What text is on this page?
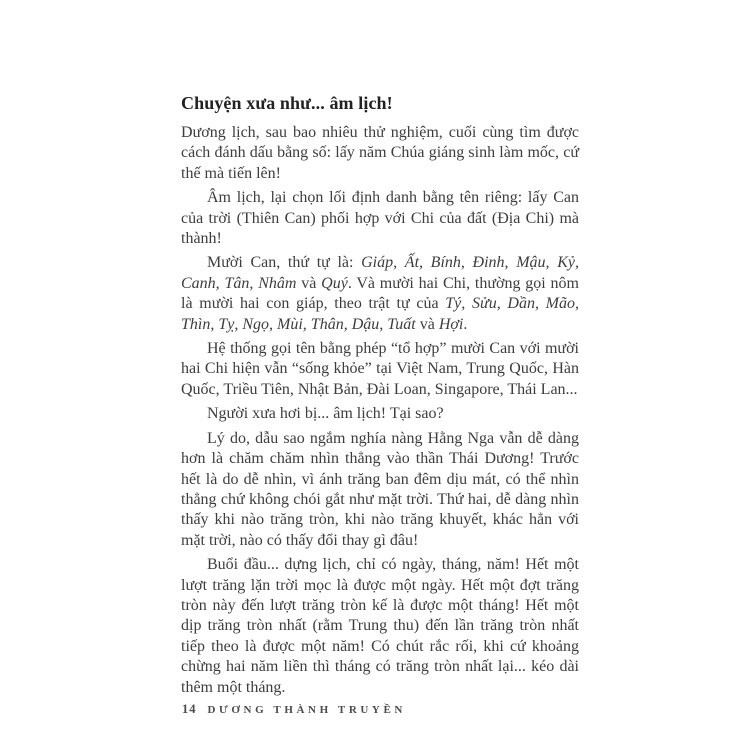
Chuyện xưa như... âm lịch!

Dương lịch, sau bao nhiêu thử nghiệm, cuối cùng tìm được cách đánh dấu bằng số: lấy năm Chúa giáng sinh làm mốc, cứ thế mà tiến lên!

Âm lịch, lại chọn lối định danh bằng tên riêng: lấy Can của trời (Thiên Can) phối hợp với Chi của đất (Địa Chi) mà thành!

Mười Can, thứ tự là: Giáp, Ất, Bính, Đinh, Mậu, Kỷ, Canh, Tân, Nhâm và Quý. Và mười hai Chi, thường gọi nôm là mười hai con giáp, theo trật tự của Tý, Sửu, Dần, Mão, Thìn, Tỵ, Ngọ, Mùi, Thân, Dậu, Tuất và Hợi.

Hệ thống gọi tên bằng phép “tổ hợp” mười Can với mười hai Chi hiện vẫn “sống khỏe” tại Việt Nam, Trung Quốc, Hàn Quốc, Triều Tiên, Nhật Bản, Đài Loan, Singapore, Thái Lan...

Người xưa hơi bị... âm lịch! Tại sao?

Lý do, dẫu sao ngắm nghía nàng Hằng Nga vẫn dễ dàng hơn là chăm chăm nhìn thẳng vào thần Thái Dương! Trước hết là do dễ nhìn, vì ánh trăng ban đêm dịu mát, có thể nhìn thẳng chứ không chói gắt như mặt trời. Thứ hai, dễ dàng nhìn thấy khi nào trăng tròn, khi nào trăng khuyết, khác hẳn với mặt trời, nào có thấy đổi thay gì đâu!

Buổi đầu... dựng lịch, chỉ có ngày, tháng, năm! Hết một lượt trăng lặn trời mọc là được một ngày. Hết một đợt trăng tròn này đến lượt trăng tròn kế là được một tháng! Hết một dịp trăng tròn nhất (rằm Trung thu) đến lần trăng tròn nhất tiếp theo là được một năm! Có chút rắc rối, khi cứ khoảng chừng hai năm liền thì tháng có trăng tròn nhất lại... kéo dài thêm một tháng.

14 DƯƠNG THÀNH TRUYỀN
